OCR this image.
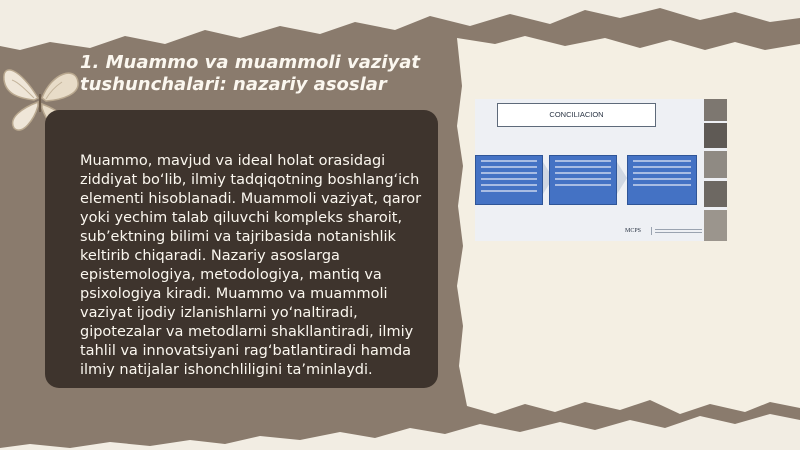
1. Muammo va muammoli vaziyat tushunchalari: nazariy asoslar
Muammo, mavjud va ideal holat orasidagi ziddiyat bo‘lib, ilmiy tadqiqotning boshlang‘ich elementi hisoblanadi. Muammoli vaziyat, qaror yoki yechim talab qiluvchi kompleks sharoit, sub’ektning bilimi va tajribasida notanishlik keltirib chiqaradi. Nazariy asoslarga epistemologiya, metodologiya, mantiq va psixologiya kiradi. Muammo va muammoli vaziyat ijodiy izlanishlarni yo‘naltiradi, gipotezalar va metodlarni shakllantiradi, ilmiy tahlil va innovatsiyani rag‘batlantiradi hamda ilmiy natijalar ishonchliligini ta’minlaydi.
CONCILIACION
MCPS
